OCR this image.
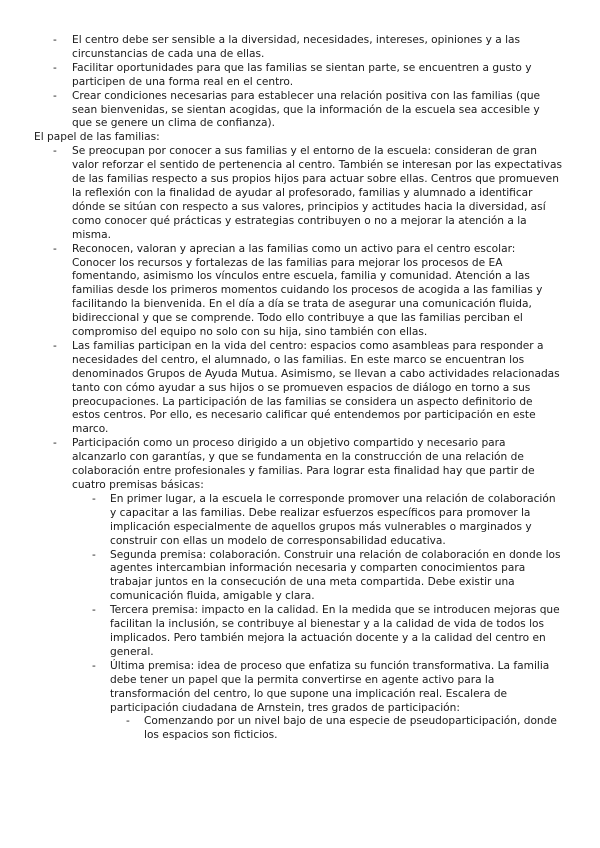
- El centro debe ser sensible a la diversidad, necesidades, intereses, opiniones y a las circunstancias de cada una de ellas.
- Facilitar oportunidades para que las familias se sientan parte, se encuentren a gusto y participen de una forma real en el centro.
- Crear condiciones necesarias para establecer una relación positiva con las familias (que sean bienvenidas, se sientan acogidas, que la información de la escuela sea accesible y que se genere un clima de confianza).
El papel de las familias:
- Se preocupan por conocer a sus familias y el entorno de la escuela: consideran de gran valor reforzar el sentido de pertenencia al centro. También se interesan por las expectativas de las familias respecto a sus propios hijos para actuar sobre ellas. Centros que promueven la reflexión con la finalidad de ayudar al profesorado, familias y alumnado a identificar dónde se sitúan con respecto a sus valores, principios y actitudes hacia la diversidad, así como conocer qué prácticas y estrategias contribuyen o no a mejorar la atención a la misma.
- Reconocen, valoran y aprecian a las familias como un activo para el centro escolar: Conocer los recursos y fortalezas de las familias para mejorar los procesos de EA fomentando, asimismo los vínculos entre escuela, familia y comunidad. Atención a las familias desde los primeros momentos cuidando los procesos de acogida a las familias y facilitando la bienvenida. En el día a día se trata de asegurar una comunicación fluida, bidireccional y que se comprende. Todo ello contribuye a que las familias perciban el compromiso del equipo no solo con su hija, sino también con ellas.
- Las familias participan en la vida del centro: espacios como asambleas para responder a necesidades del centro, el alumnado, o las familias. En este marco se encuentran los denominados Grupos de Ayuda Mutua. Asimismo, se llevan a cabo actividades relacionadas tanto con cómo ayudar a sus hijos o se promueven espacios de diálogo en torno a sus preocupaciones. La participación de las familias se considera un aspecto definitorio de estos centros. Por ello, es necesario calificar qué entendemos por participación en este marco.
- Participación como un proceso dirigido a un objetivo compartido y necesario para alcanzarlo con garantías, y que se fundamenta en la construcción de una relación de colaboración entre profesionales y familias. Para lograr esta finalidad hay que partir de cuatro premisas básicas:
- En primer lugar, a la escuela le corresponde promover una relación de colaboración y capacitar a las familias. Debe realizar esfuerzos específicos para promover la implicación especialmente de aquellos grupos más vulnerables o marginados y construir con ellas un modelo de corresponsabilidad educativa.
- Segunda premisa: colaboración. Construir una relación de colaboración en donde los agentes intercambian información necesaria y comparten conocimientos para trabajar juntos en la consecución de una meta compartida. Debe existir una comunicación fluida, amigable y clara.
- Tercera premisa: impacto en la calidad. En la medida que se introducen mejoras que facilitan la inclusión, se contribuye al bienestar y a la calidad de vida de todos los implicados. Pero también mejora la actuación docente y a la calidad del centro en general.
- Última premisa: idea de proceso que enfatiza su función transformativa. La familia debe tener un papel que la permita convertirse en agente activo para la transformación del centro, lo que supone una implicación real. Escalera de participación ciudadana de Arnstein, tres grados de participación:
- Comenzando por un nivel bajo de una especie de pseudoparticipación, donde los espacios son ficticios.
